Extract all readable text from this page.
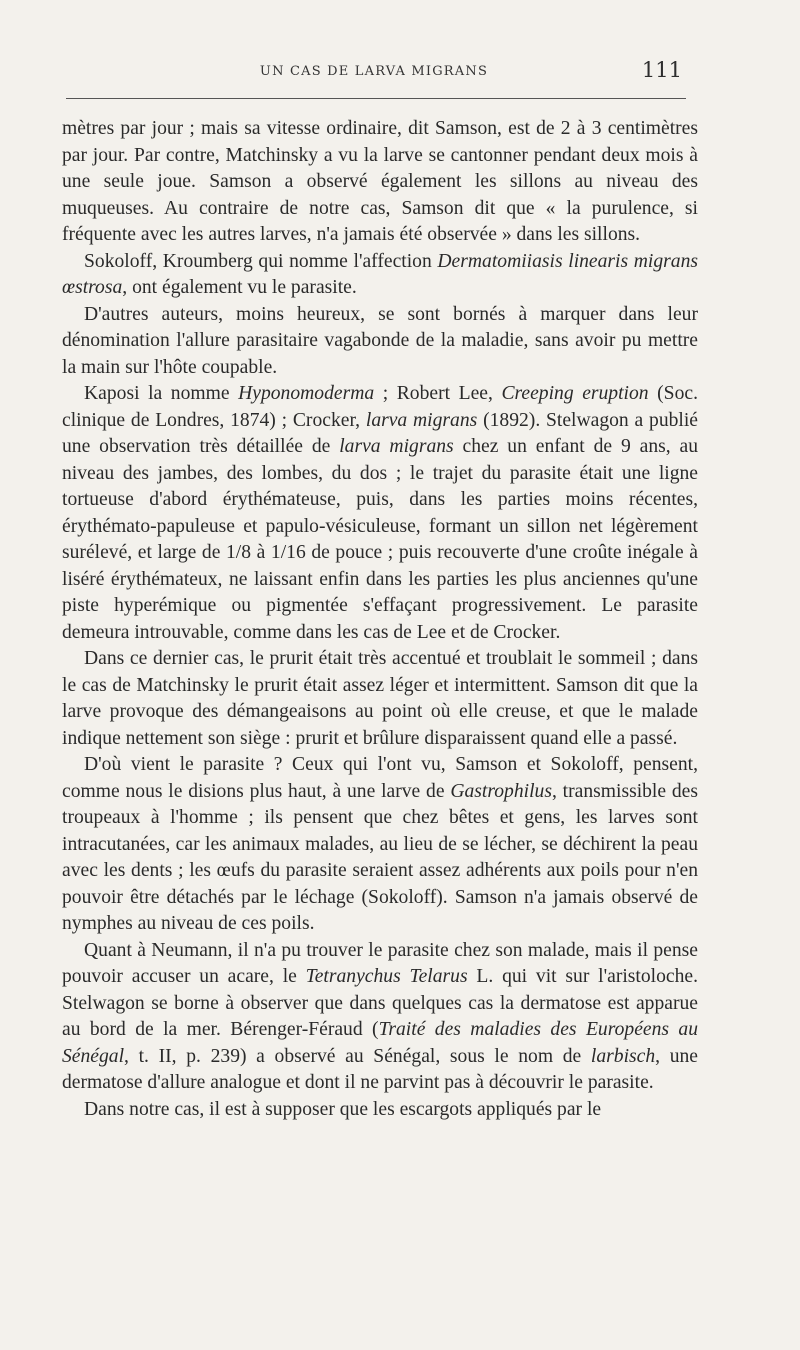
UN CAS DE LARVA MIGRANS	111

mètres par jour ; mais sa vitesse ordinaire, dit Samson, est de 2 à 3 centimètres par jour. Par contre, Matchinsky a vu la larve se cantonner pendant deux mois à une seule joue. Samson a observé également les sillons au niveau des muqueuses. Au contraire de notre cas, Samson dit que « la purulence, si fréquente avec les autres larves, n'a jamais été observée » dans les sillons.

Sokoloff, Kroumberg qui nomme l'affection Dermatomiiasis linearis migrans œstrosa, ont également vu le parasite.

D'autres auteurs, moins heureux, se sont bornés à marquer dans leur dénomination l'allure parasitaire vagabonde de la maladie, sans avoir pu mettre la main sur l'hôte coupable.

Kaposi la nomme Hyponomoderma ; Robert Lee, Creeping eruption (Soc. clinique de Londres, 1874) ; Crocker, larva migrans (1892). Stelwagon a publié une observation très détaillée de larva migrans chez un enfant de 9 ans, au niveau des jambes, des lombes, du dos ; le trajet du parasite était une ligne tortueuse d'abord érythémateuse, puis, dans les parties moins récentes, érythémato-papuleuse et papulo-vésiculeuse, formant un sillon net légèrement surélevé, et large de 1/8 à 1/16 de pouce ; puis recouverte d'une croûte inégale à liséré érythémateux, ne laissant enfin dans les parties les plus anciennes qu'une piste hyperémique ou pigmentée s'effaçant progressivement. Le parasite demeura introuvable, comme dans les cas de Lee et de Crocker.

Dans ce dernier cas, le prurit était très accentué et troublait le sommeil ; dans le cas de Matchinsky le prurit était assez léger et intermittent. Samson dit que la larve provoque des démangeaisons au point où elle creuse, et que le malade indique nettement son siège : prurit et brûlure disparaissent quand elle a passé.

D'où vient le parasite ? Ceux qui l'ont vu, Samson et Sokoloff, pensent, comme nous le disions plus haut, à une larve de Gastrophilus, transmissible des troupeaux à l'homme ; ils pensent que chez bêtes et gens, les larves sont intracutanées, car les animaux malades, au lieu de se lécher, se déchirent la peau avec les dents ; les œufs du parasite seraient assez adhérents aux poils pour n'en pouvoir être détachés par le léchage (Sokoloff). Samson n'a jamais observé de nymphes au niveau de ces poils.

Quant à Neumann, il n'a pu trouver le parasite chez son malade, mais il pense pouvoir accuser un acare, le Tetranychus Telarus L. qui vit sur l'aristoloche. Stelwagon se borne à observer que dans quelques cas la dermatose est apparue au bord de la mer. Bérenger-Féraud (Traité des maladies des Européens au Sénégal, t. II, p. 239) a observé au Sénégal, sous le nom de larbisch, une dermatose d'allure analogue et dont il ne parvint pas à découvrir le parasite.

Dans notre cas, il est à supposer que les escargots appliqués par le
